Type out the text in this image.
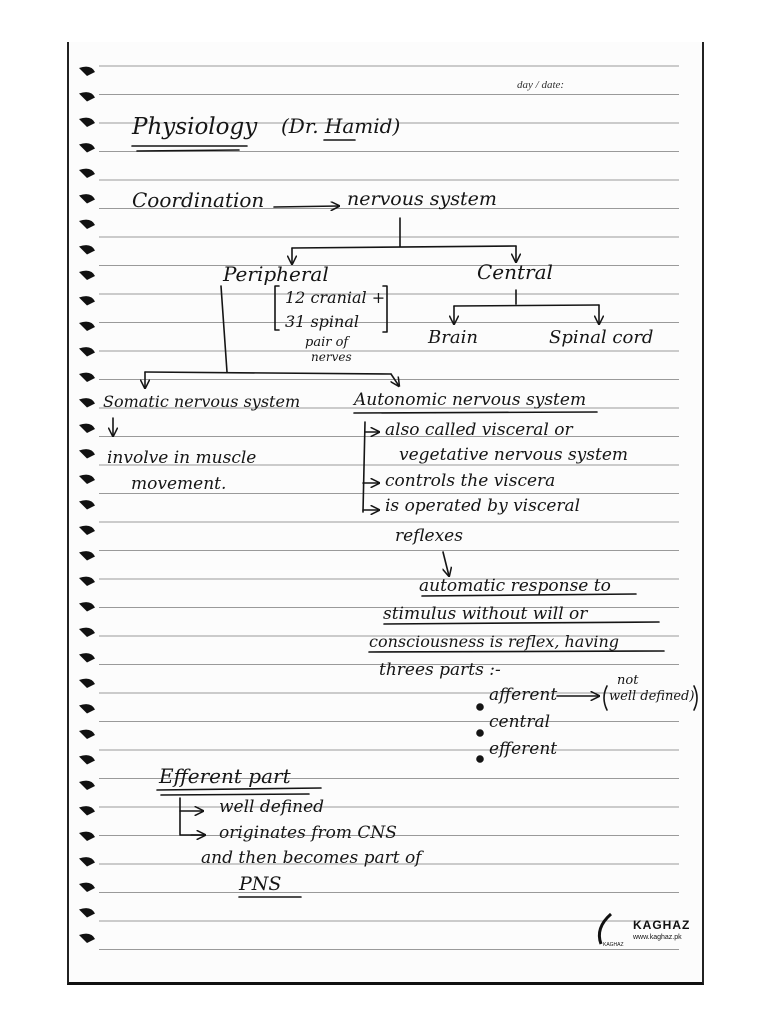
day / date:
Physiology (Dr. Hamid)
Coordination	nervous system
Peripheral	Central
12 cranial +
31 spinal
pair of
nerves
Brain	Spinal cord
Somatic nervous system	Autonomic nervous system
involve in muscle
movement.
also called visceral or
vegetative nervous system
controls the viscera
is operated by visceral
reflexes
automatic response to
stimulus without will or
consciousness is reflex, having
threes parts :-
afferent
not
well defined)
central
efferent
Efferent part
well defined
originates from CNS
and then becomes part of
PNS
KAGHAZ
KAGHAZ
www.kaghaz.pk
